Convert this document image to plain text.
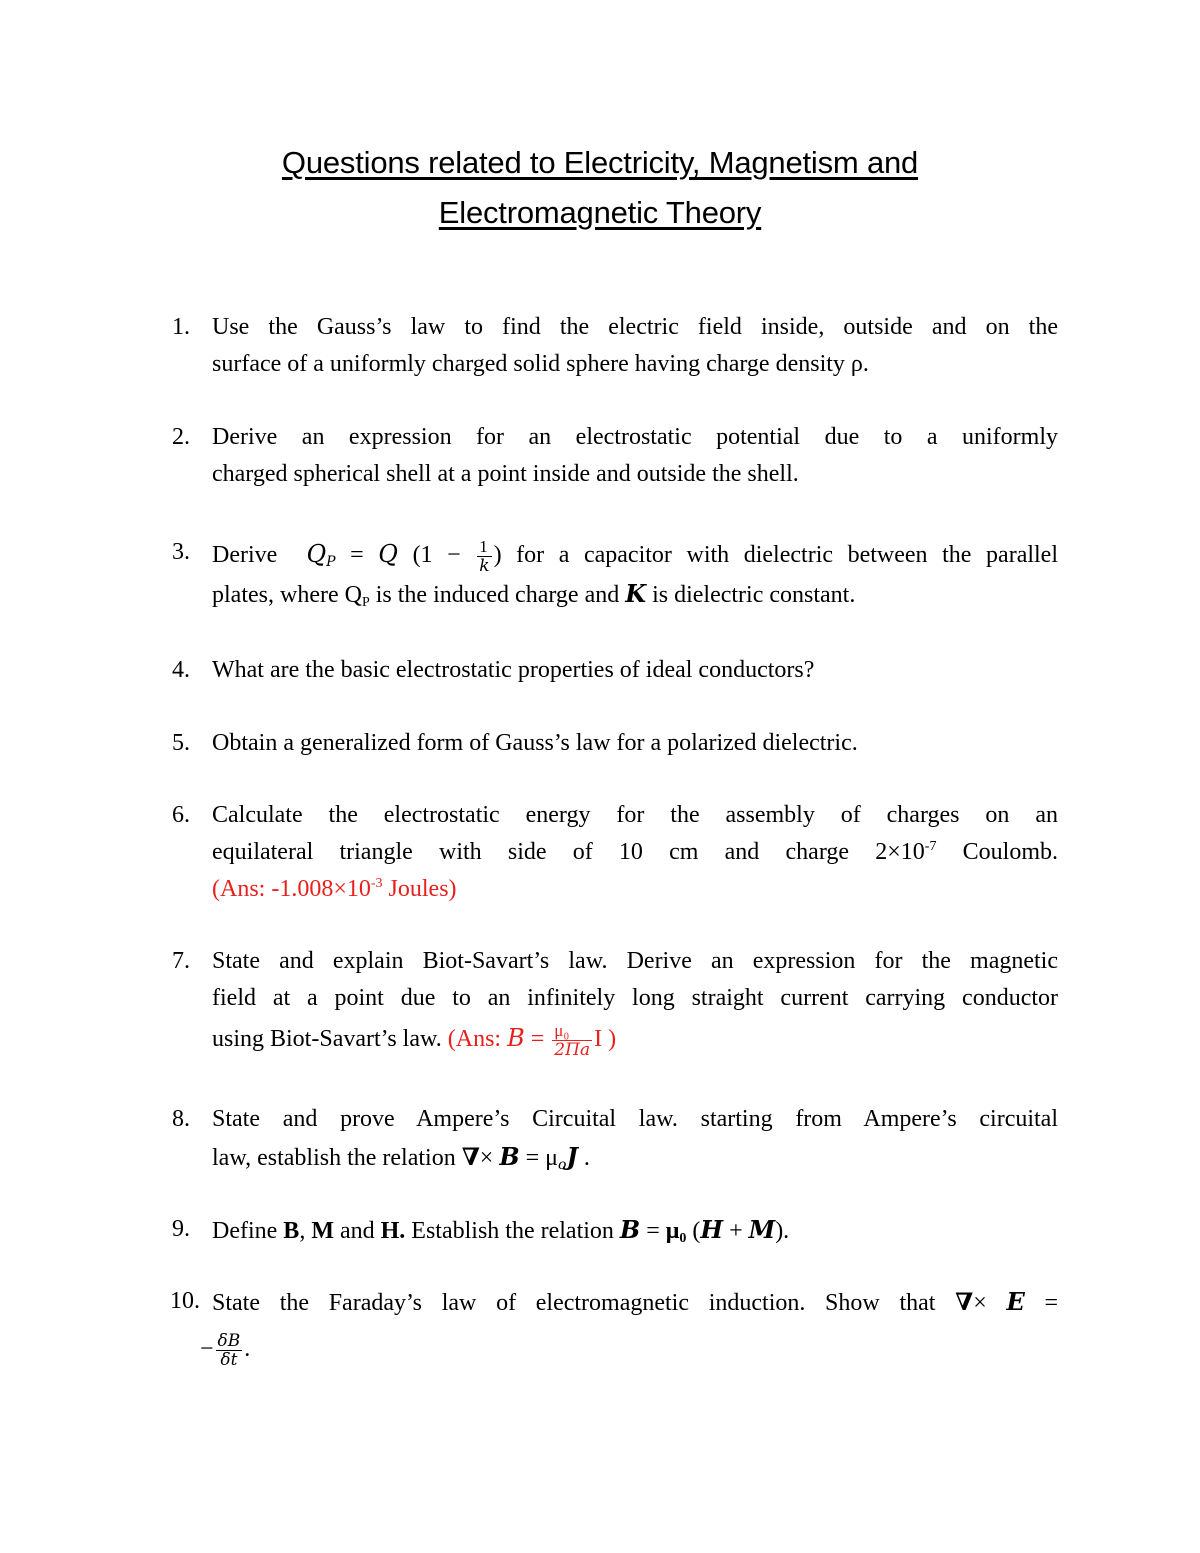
Questions related to Electricity, Magnetism and
Electromagnetic Theory
1. Use the Gauss’s law to find the electric field inside, outside and on the
surface of a uniformly charged solid sphere having charge density ρ.
2. Derive an expression for an electrostatic potential due to a uniformly
charged spherical shell at a point inside and outside the shell.
3. Derive $Q_P = Q$ ($1 - \frac{1}{k}$ ) for a capacitor with dielectric between the parallel
plates, where $Q_P$ is the induced charge and K is dielectric constant.
4. What are the basic electrostatic properties of ideal conductors?
5. Obtain a generalized form of Gauss’s law for a polarized dielectric.
6. Calculate the electrostatic energy for the assembly of charges on an
equilateral triangle with side of 10 cm and charge $2\times 10^{-7}$ Coulomb.
(Ans: $-1.008\times 10^{-3}$ Joules)
7. State and explain Biot-Savart’s law. Derive an expression for the magnetic
field at a point due to an infinitely long straight current carrying conductor
using Biot-Savart’s law. (Ans: $B = \frac{\text{μ₀}}{2\Pi a}$ I )
8. State and prove Ampere’s Circuital law. starting from Ampere’s circuital
law, establish the relation ∇× $B = \mu_oJ$ .
9. Define B, M and H. Establish the relation $B = \mu_0$ (H + M).
10. State the Faraday’s law of electromagnetic induction. Show that ∇× E =
− $\frac{\delta B}{\delta t}$ .
